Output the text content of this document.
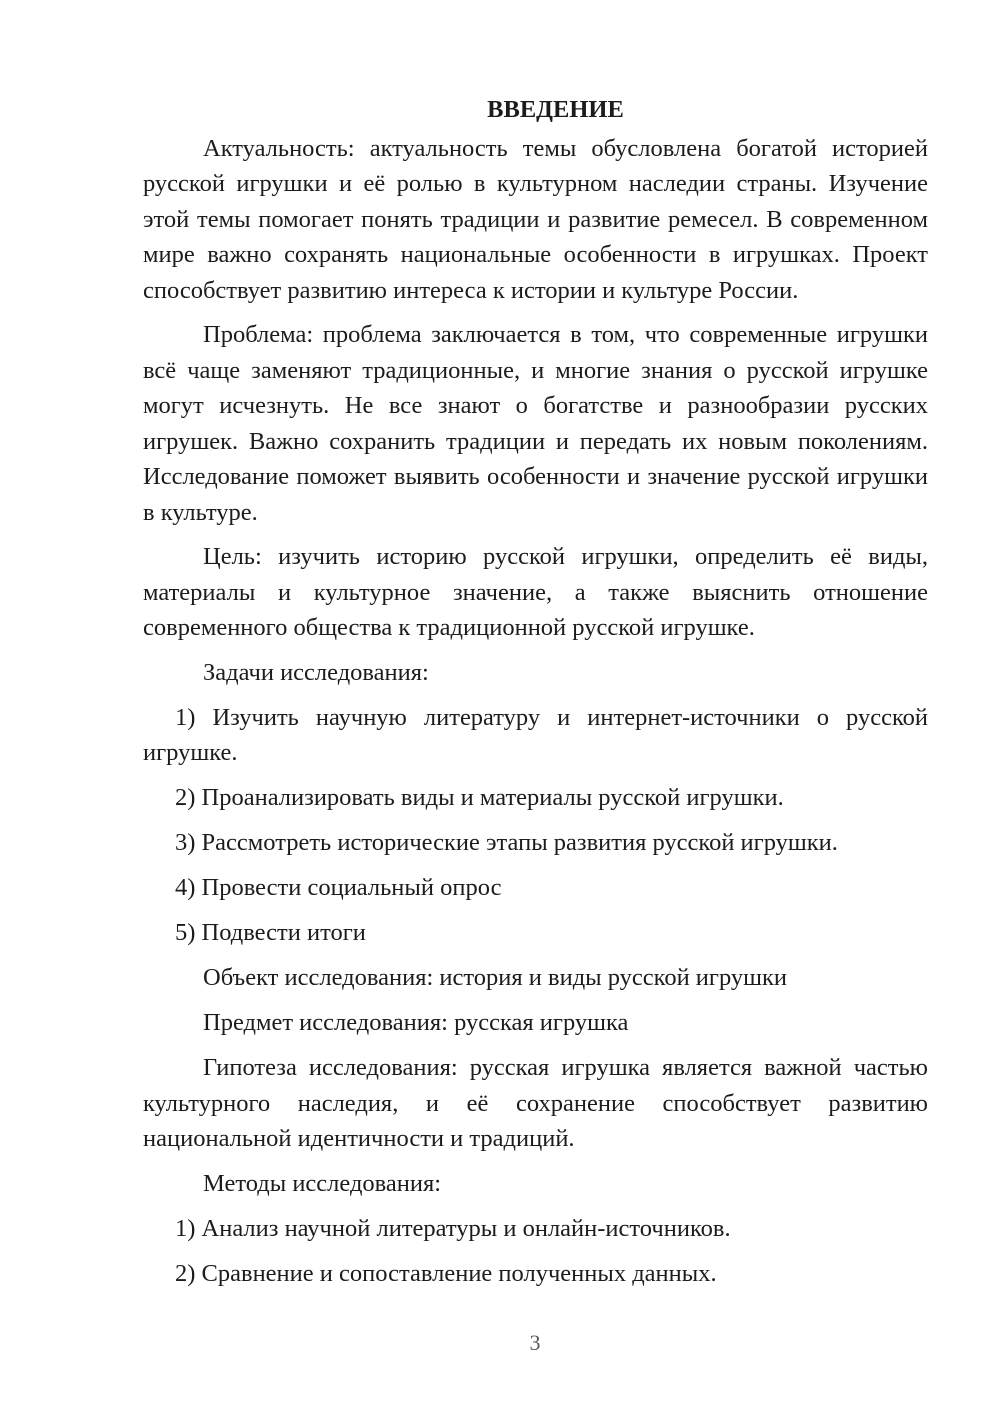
ВВЕДЕНИЕ

Актуальность: актуальность темы обусловлена богатой историей русской игрушки и её ролью в культурном наследии страны. Изучение этой темы помогает понять традиции и развитие ремесел. В современном мире важно сохранять национальные особенности в игрушках. Проект способствует развитию интереса к истории и культуре России.

Проблема: проблема заключается в том, что современные игрушки всё чаще заменяют традиционные, и многие знания о русской игрушке могут исчезнуть. Не все знают о богатстве и разнообразии русских игрушек. Важно сохранить традиции и передать их новым поколениям. Исследование поможет выявить особенности и значение русской игрушки в культуре.

Цель: изучить историю русской игрушки, определить её виды, материалы и культурное значение, а также выяснить отношение современного общества к традиционной русской игрушке.

Задачи исследования:

1) Изучить научную литературу и интернет-источники о русской игрушке.

2) Проанализировать виды и материалы русской игрушки.

3) Рассмотреть исторические этапы развития русской игрушки.

4) Провести социальный опрос

5) Подвести итоги

Объект исследования: история и виды русской игрушки

Предмет исследования: русская игрушка

Гипотеза исследования: русская игрушка является важной частью культурного наследия, и её сохранение способствует развитию национальной идентичности и традиций.

Методы исследования:

1) Анализ научной литературы и онлайн-источников.

2) Сравнение и сопоставление полученных данных.

3
